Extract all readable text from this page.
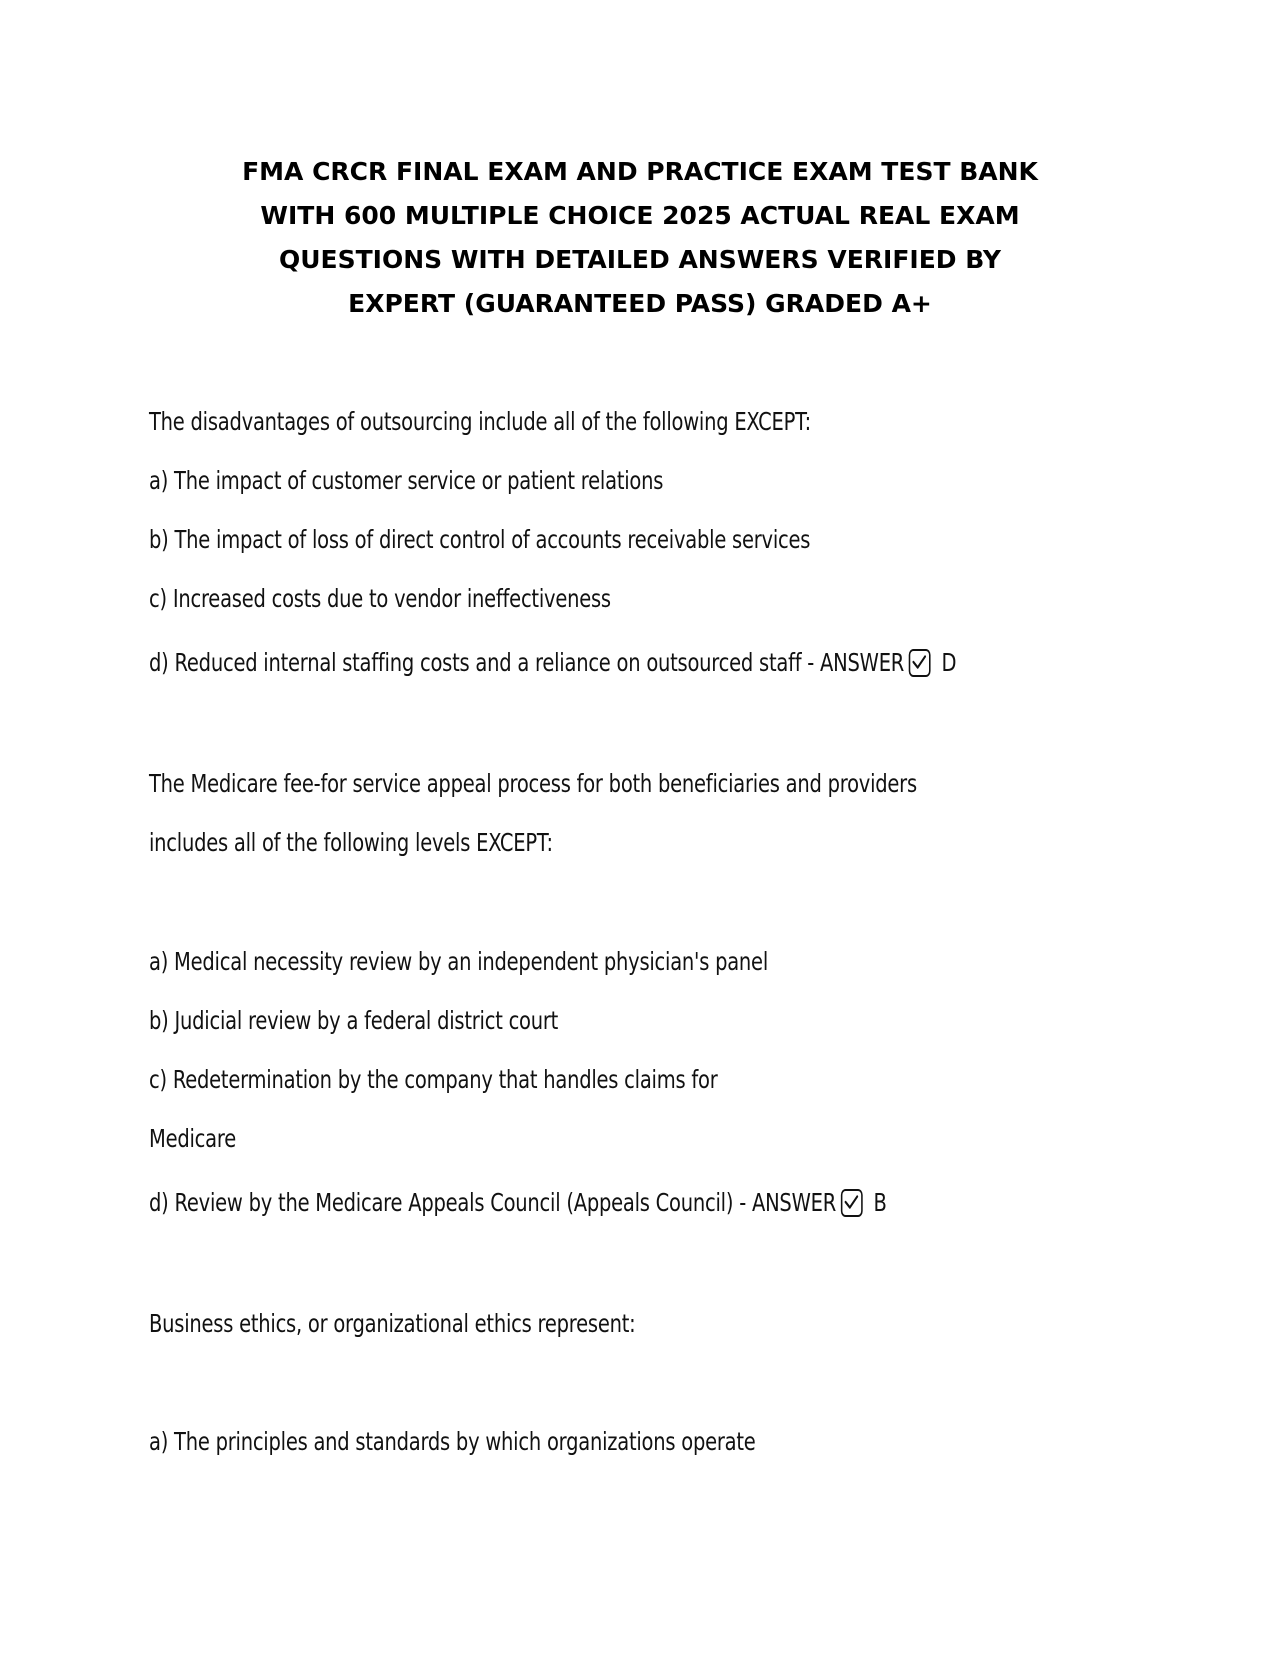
FMA CRCR FINAL EXAM AND PRACTICE EXAM TEST BANK
WITH 600 MULTIPLE CHOICE 2025 ACTUAL REAL EXAM
QUESTIONS WITH DETAILED ANSWERS VERIFIED BY
EXPERT (GUARANTEED PASS) GRADED A+
The disadvantages of outsourcing include all of the following EXCEPT:
a) The impact of customer service or patient relations
b) The impact of loss of direct control of accounts receivable services
c) Increased costs due to vendor ineffectiveness
d) Reduced internal staffing costs and a reliance on outsourced staff - ANSWER D
The Medicare fee-for service appeal process for both beneficiaries and providers
includes all of the following levels EXCEPT:
a) Medical necessity review by an independent physician's panel
b) Judicial review by a federal district court
c) Redetermination by the company that handles claims for
Medicare
d) Review by the Medicare Appeals Council (Appeals Council) - ANSWER B
Business ethics, or organizational ethics represent:
a) The principles and standards by which organizations operate
